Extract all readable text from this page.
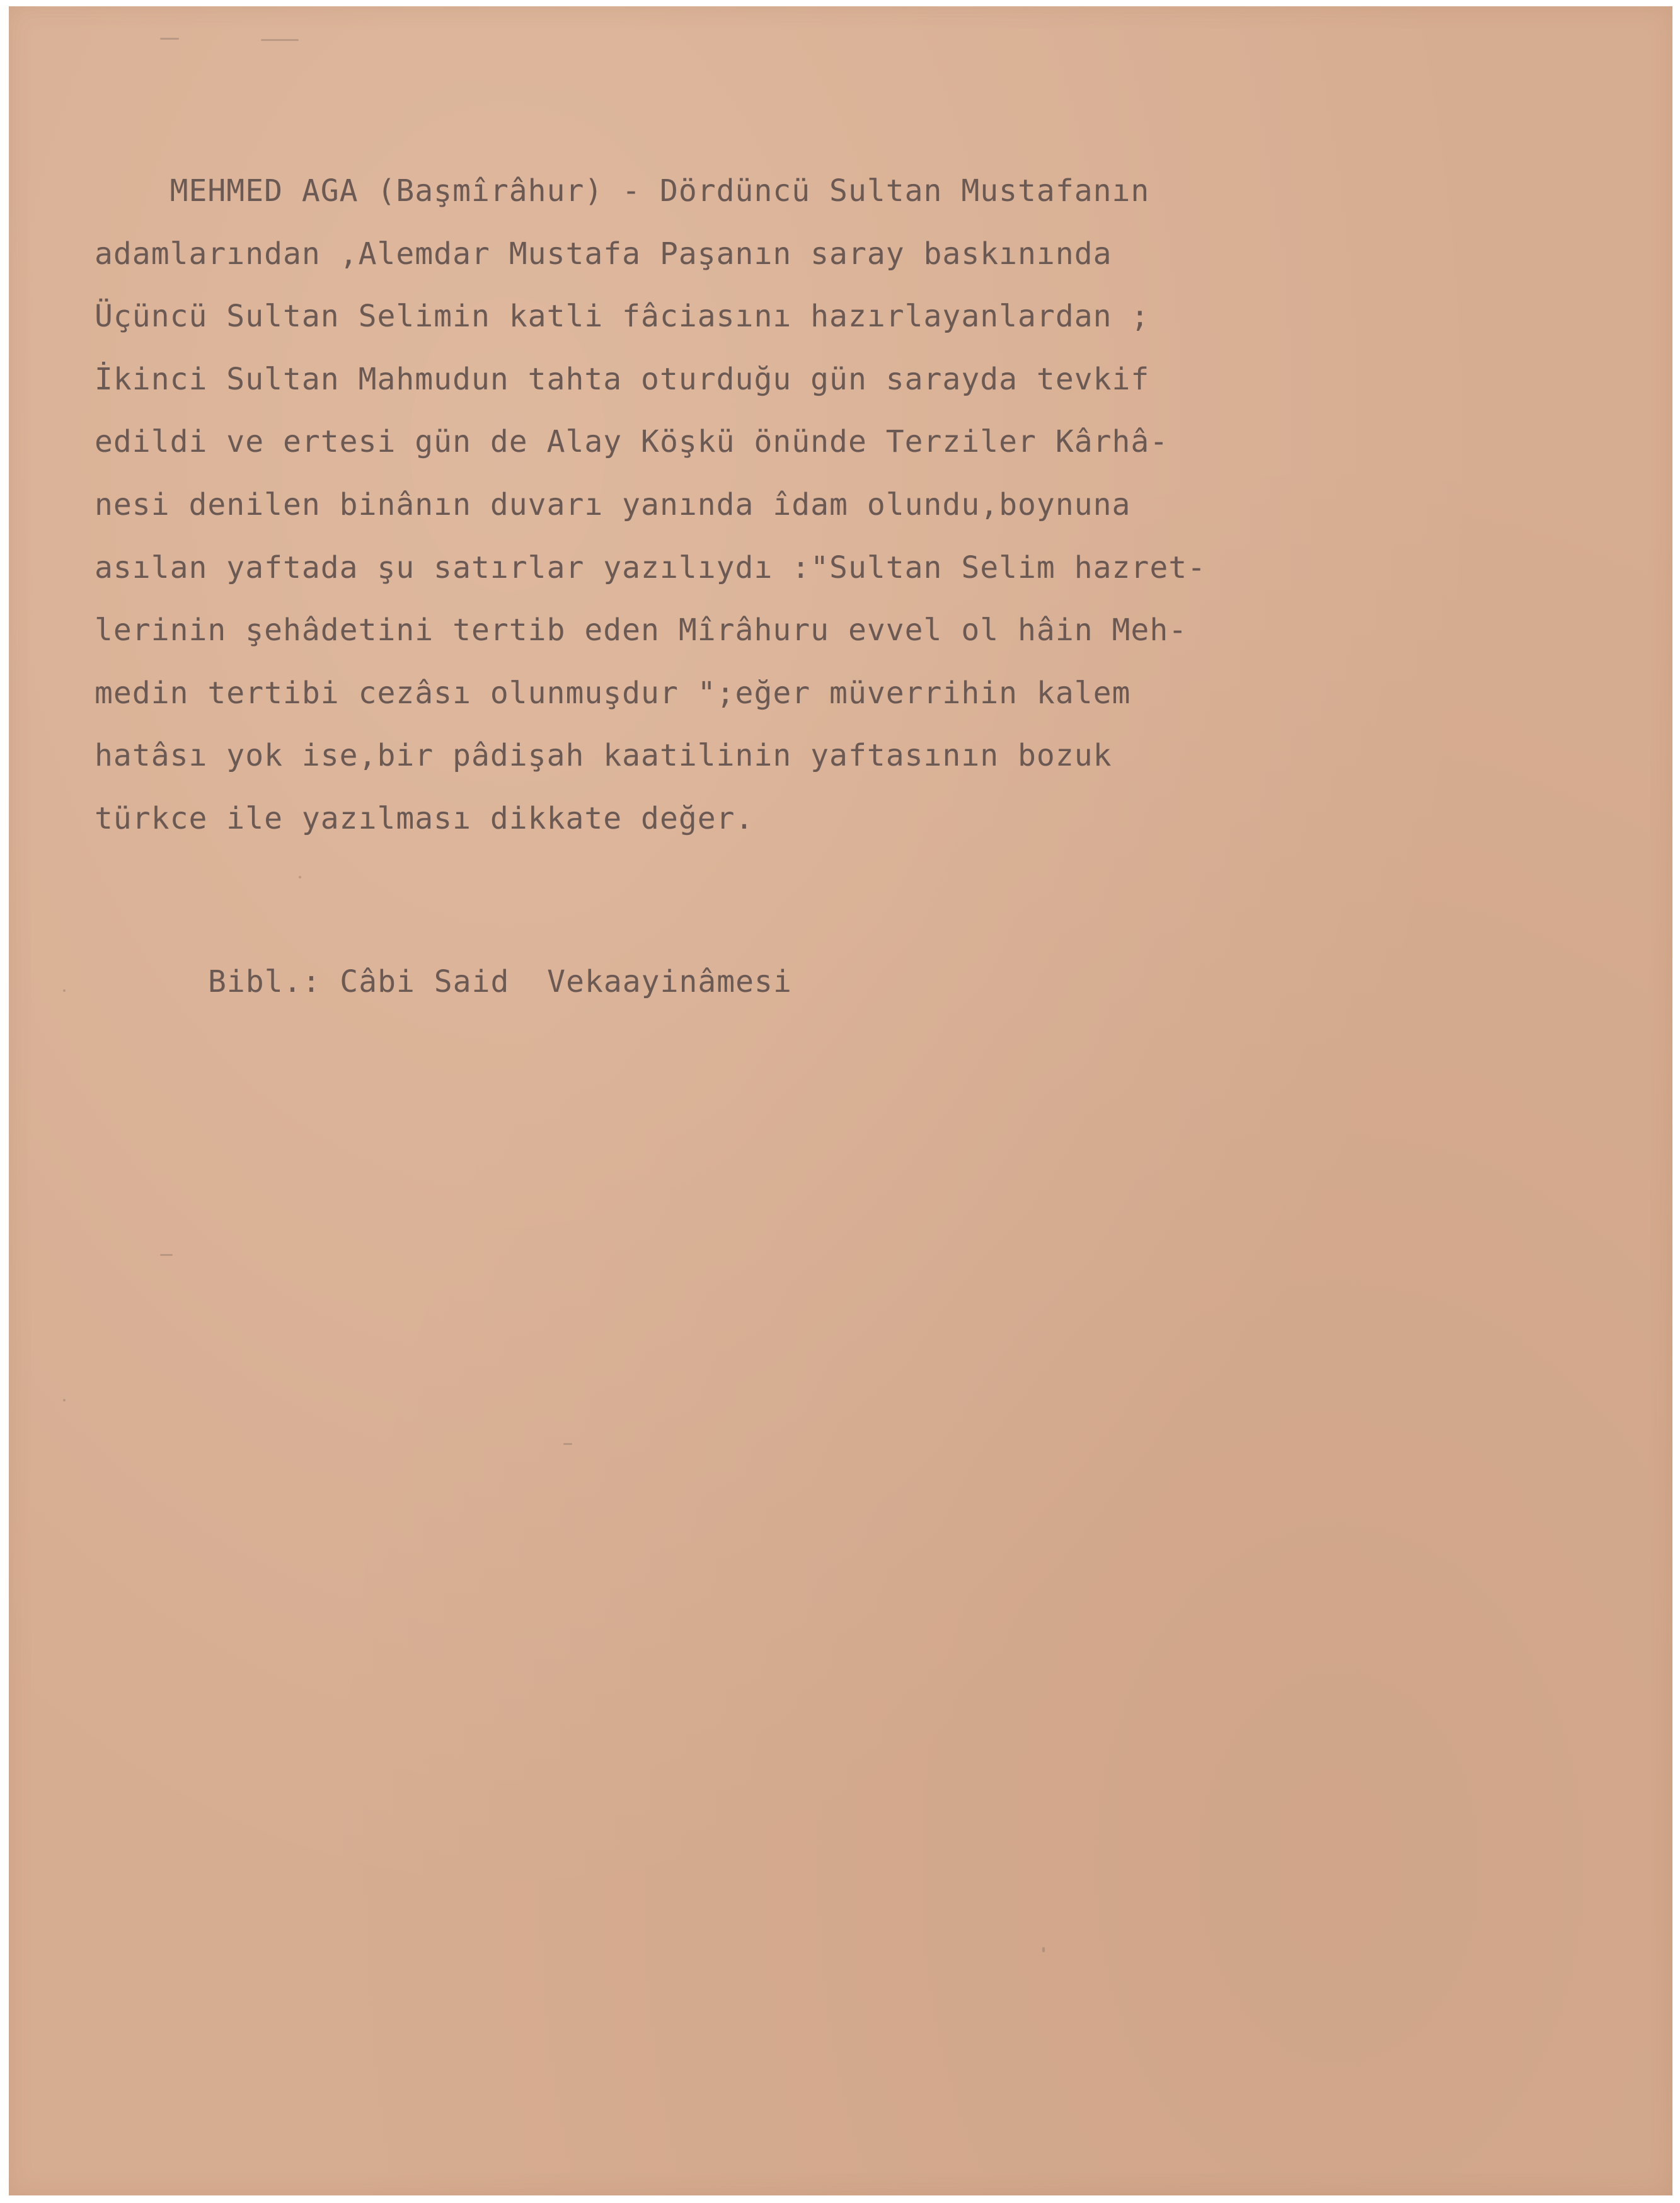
MEHMED AGA (Başmîrâhur) - Dördüncü Sultan Mustafanın
adamlarından ,Alemdar Mustafa Paşanın saray baskınında
Üçüncü Sultan Selimin katli fâciasını hazırlayanlardan ;
İkinci Sultan Mahmudun tahta oturduğu gün sarayda tevkif
edildi ve ertesi gün de Alay Köşkü önünde Terziler Kârhâ-
nesi denilen binânın duvarı yanında îdam olundu,boynuna
asılan yaftada şu satırlar yazılıydı :"Sultan Selim hazret-
lerinin şehâdetini tertib eden Mîrâhuru evvel ol hâin Meh-
medin tertibi cezâsı olunmuşdur ";eğer müverrihin kalem
hatâsı yok ise,bir pâdişah kaatilinin yaftasının bozuk
türkce ile yazılması dikkate değer.
Bibl.: Câbi Said  Vekaayinâmesi
